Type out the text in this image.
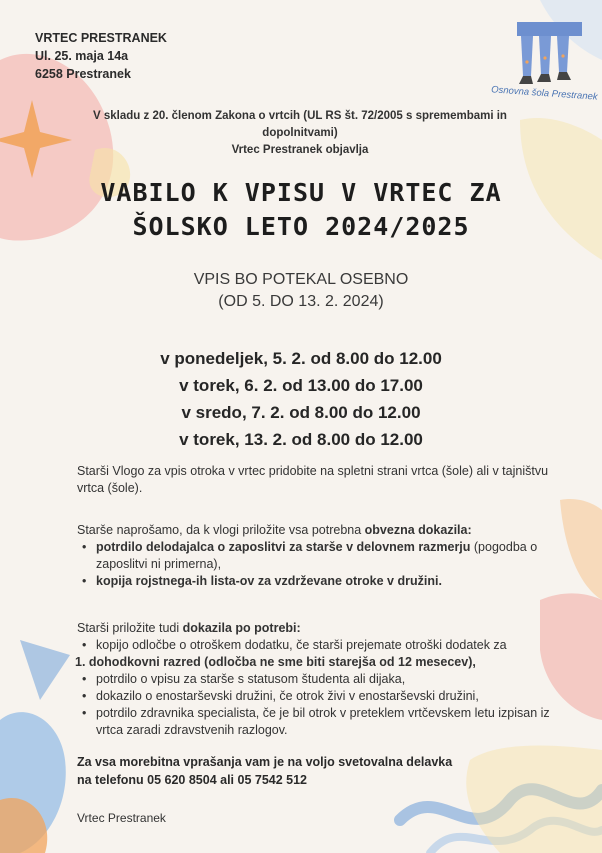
VRTEC PRESTRANEK
Ul. 25. maja 14a
6258 Prestranek
Osnovna šola Prestranek
V skladu z 20. členom Zakona o vrtcih (UL RS št. 72/2005 s spremembami in
dopolnitvami)
Vrtec Prestranek objavlja
VABILO K VPISU V VRTEC ZA
ŠOLSKO LETO 2024/2025
VPIS BO POTEKAL OSEBNO
(OD 5. DO 13. 2. 2024)
v ponedeljek, 5. 2. od 8.00 do 12.00
v torek, 6. 2. od 13.00 do 17.00
v sredo, 7. 2. od 8.00 do 12.00
v torek, 13. 2. od 8.00 do 12.00
Starši Vlogo za vpis otroka v vrtec pridobite na spletni strani vrtca (šole) ali v tajništvu vrtca (šole).
Starše naprošamo, da k vlogi priložite vsa potrebna obvezna dokazila:
• potrdilo delodajalca o zaposlitvi za starše v delovnem razmerju (pogodba o zaposlitvi ni primerna),
• kopija rojstnega-ih lista-ov za vzdrževane otroke v družini.
Starši priložite tudi dokazila po potrebi:
• kopijo odločbe o otroškem dodatku, če starši prejemate otroški dodatek za
1. dohodkovni razred (odločba ne sme biti starejša od 12 mesecev),
• potrdilo o vpisu za starše s statusom študenta ali dijaka,
• dokazilo o enostarševski družini, če otrok živi v enostarševski družini,
• potrdilo zdravnika specialista, če je bil otrok v preteklem vrtčevskem letu izpisan iz vrtca zaradi zdravstvenih razlogov.
Za vsa morebitna vprašanja vam je na voljo svetovalna delavka
na telefonu 05 620 8504 ali 05 7542 512
Vrtec Prestranek
